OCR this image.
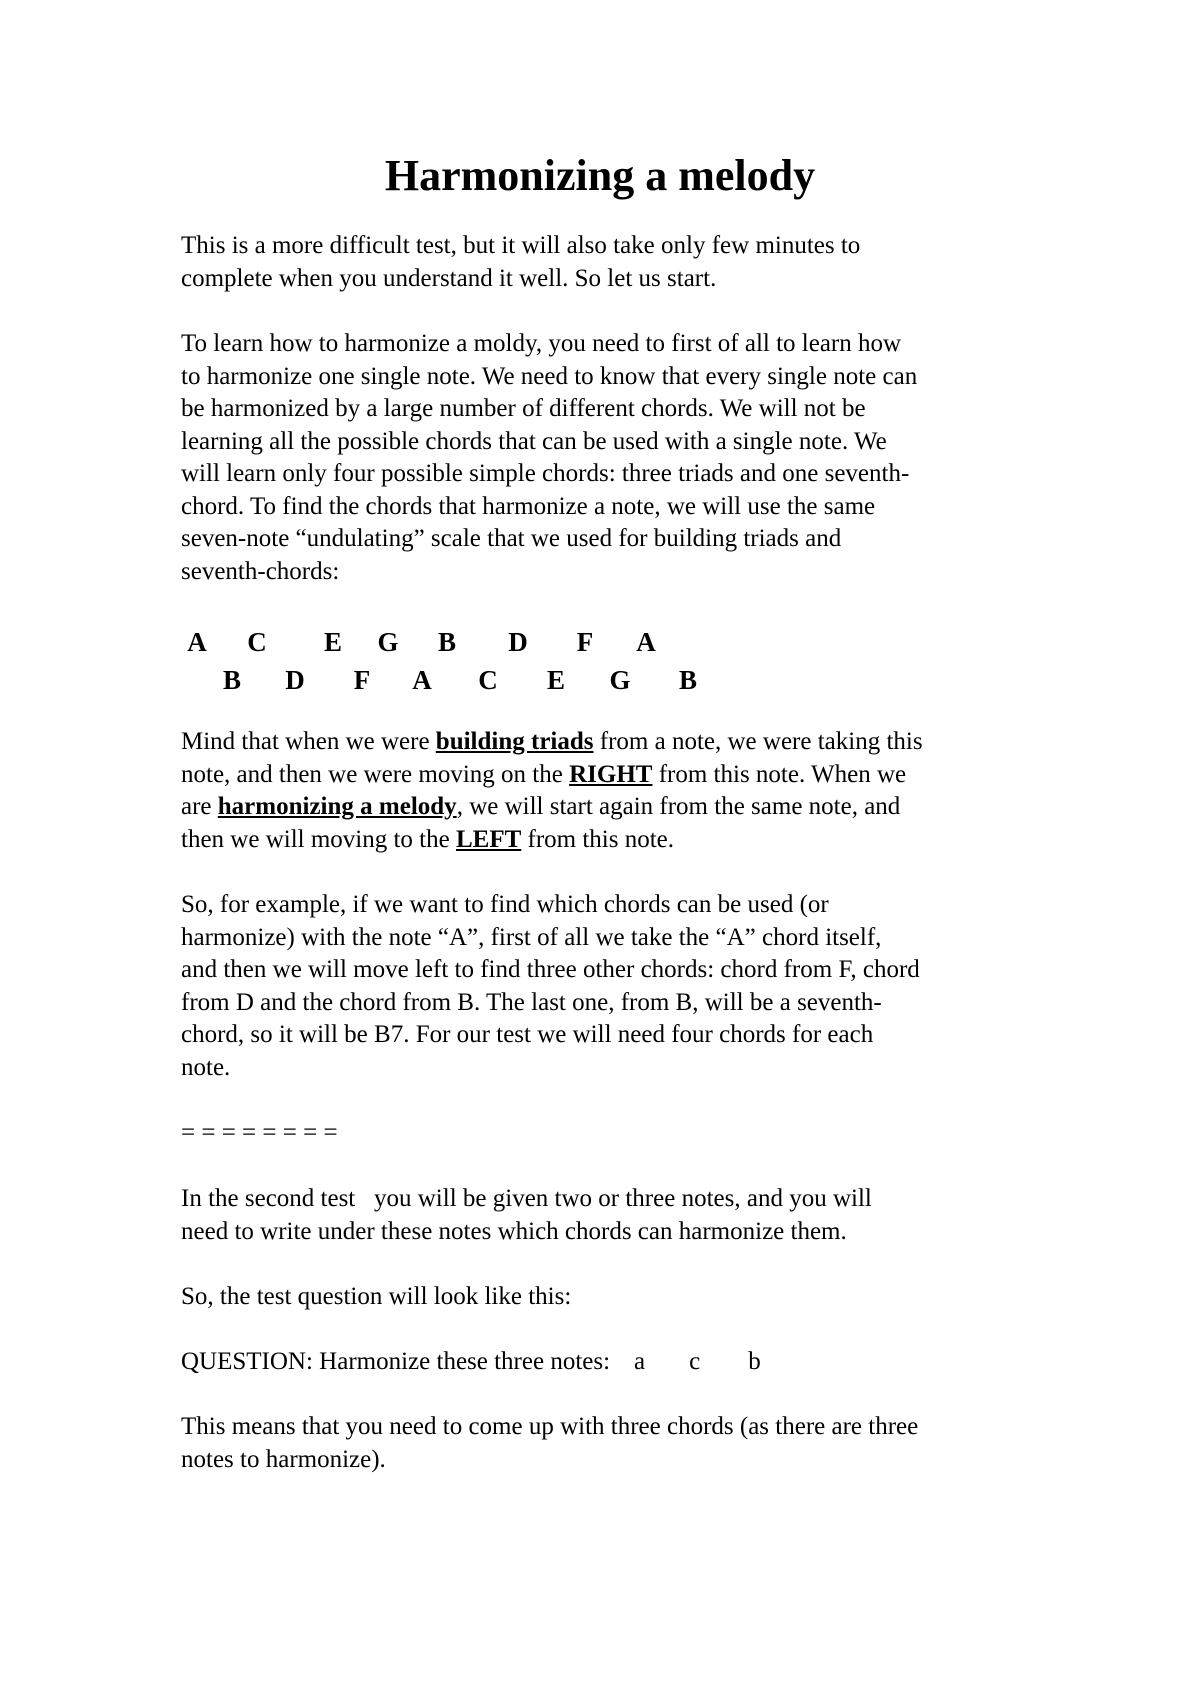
Harmonizing a melody
This is a more difficult test, but it will also take only few minutes to
complete when you understand it well. So let us start.
To learn how to harmonize a moldy, you need to first of all to learn how
to harmonize one single note. We need to know that every single note can
be harmonized by a large number of different chords. We will not be
learning all the possible chords that can be used with a single note. We
will learn only four possible simple chords: three triads and one seventh-
chord. To find the chords that harmonize a note, we will use the same
seven-note “undulating” scale that we used for building triads and
seventh-chords:
A	C	E	G	B	D	F	A
B	D	F	A	C	E	G	B
Mind that when we were building triads from a note, we were taking this
note, and then we were moving on the RIGHT from this note. When we
are harmonizing a melody, we will start again from the same note, and
then we will moving to the LEFT from this note.
So, for example, if we want to find which chords can be used (or
harmonize) with the note “A”, first of all we take the “A” chord itself,
and then we will move left to find three other chords: chord from F, chord
from D and the chord from B. The last one, from B, will be a seventh-
chord, so it will be B7. For our test we will need four chords for each
note.
= = = = = = = =
In the second test   you will be given two or three notes, and you will
need to write under these notes which chords can harmonize them.
So, the test question will look like this:
QUESTION: Harmonize these three notes: a c b
This means that you need to come up with three chords (as there are three
notes to harmonize).
